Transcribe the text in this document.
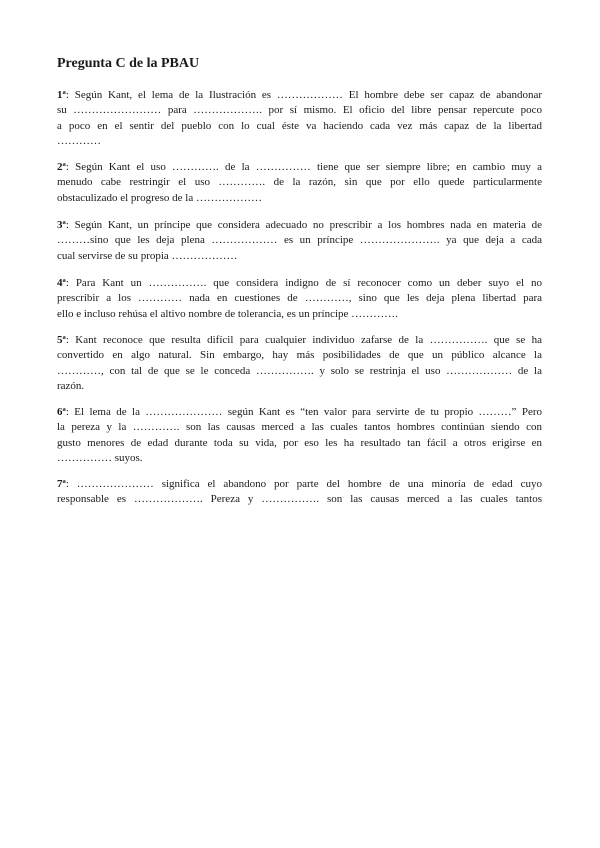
Pregunta C de la PBAU
1ª: Según Kant, el lema de la Ilustración es ……………… El hombre debe ser capaz de abandonar
su …………………… para ………………. por sí mismo. El oficio del libre pensar repercute poco
a poco en el sentir del pueblo con lo cual éste va haciendo cada vez más capaz de la libertad
…………
2ª: Según Kant el uso …………. de la …………… tiene que ser siempre libre; en cambio muy a
menudo cabe restringir el uso …………. de la razón, sin que por ello quede particularmente
obstaculizado el progreso de la ………………
3ª: Según Kant, un príncipe que considera adecuado no prescribir a los hombres nada en materia de
………sino que les deja plena ……………… es un príncipe …………………. ya que deja a cada
cual servirse de su propia ………………
4ª: Para Kant un ……………. que considera indigno de sí reconocer como un deber suyo el no
prescribir a los ………… nada en cuestiones de …………, sino que les deja plena libertad para
ello e incluso rehúsa el altivo nombre de tolerancia, es un príncipe ………….
5ª: Kant reconoce que resulta difícil para cualquier individuo zafarse de la ……………. que se ha
convertido en algo natural. Sin embargo, hay más posibilidades de que un público alcance la
…………, con tal de que se le conceda ……………. y solo se restrinja el uso ……………… de la
razón.
6ª: El lema de la ………………… según Kant es “ten valor para servirte de tu propio ………” Pero
la pereza y la …………. son las causas merced a las cuales tantos hombres continúan siendo con
gusto menores de edad durante toda su vida, por eso les ha resultado tan fácil a otros erigirse en
…………… suyos.
7ª: ………………… significa el abandono por parte del hombre de una minoría de edad cuyo
responsable es ………………. Pereza y ……………. son las causas merced a las cuales tantos
